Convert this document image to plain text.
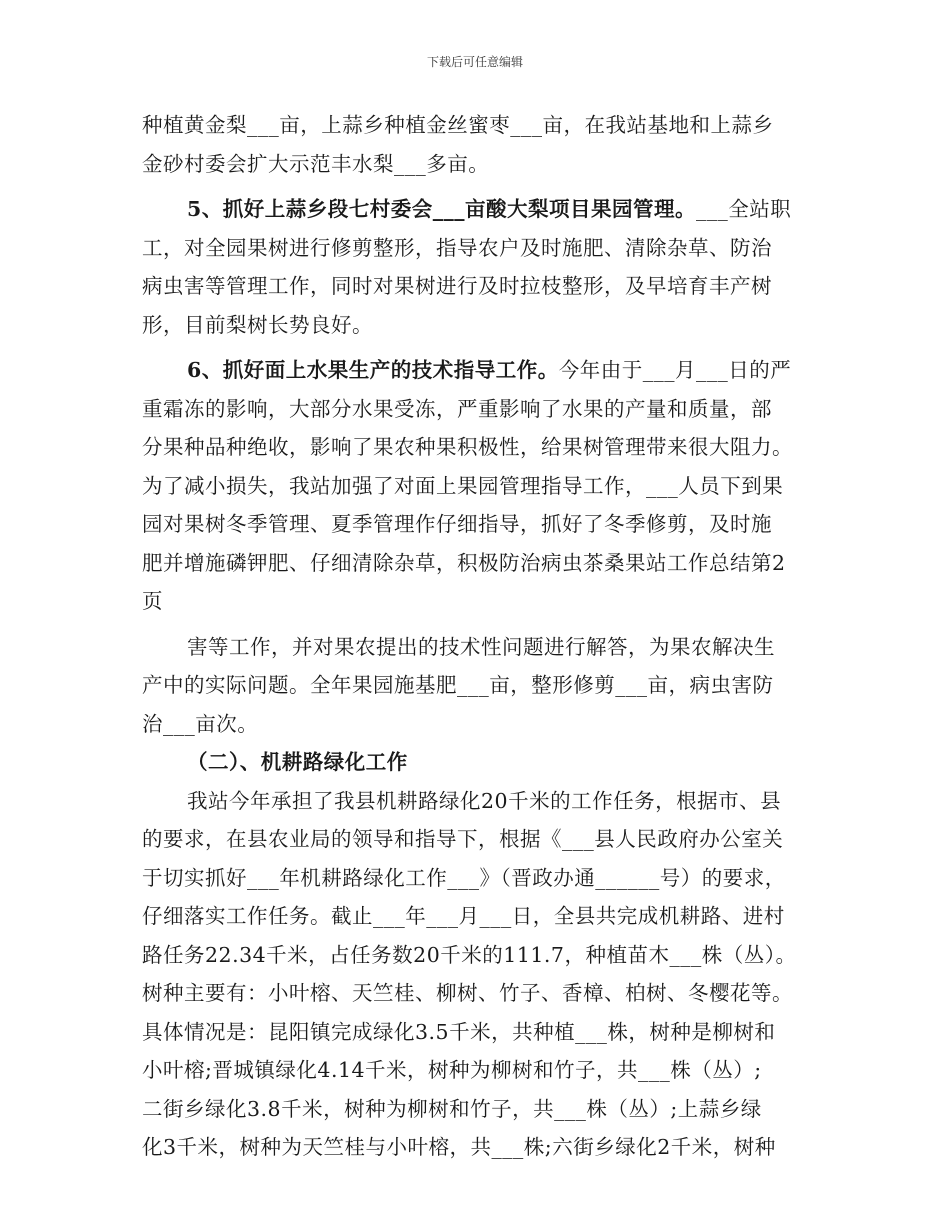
下载后可任意编辑
种植黄金梨___亩，上蒜乡种植金丝蜜枣___亩，在我站基地和上蒜乡
金砂村委会扩大示范丰水梨___多亩。
5、抓好上蒜乡段七村委会___亩酸大梨项目果园管理。___全站职
工，对全园果树进行修剪整形，指导农户及时施肥、清除杂草、防治
病虫害等管理工作，同时对果树进行及时拉枝整形，及早培育丰产树
形，目前梨树长势良好。
6、抓好面上水果生产的技术指导工作。今年由于___月___日的严
重霜冻的影响，大部分水果受冻，严重影响了水果的产量和质量，部
分果种品种绝收，影响了果农种果积极性，给果树管理带来很大阻力。
为了减小损失，我站加强了对面上果园管理指导工作，___人员下到果
园对果树冬季管理、夏季管理作仔细指导，抓好了冬季修剪，及时施
肥并增施磷钾肥、仔细清除杂草，积极防治病虫茶桑果站工作总结第2
页
害等工作，并对果农提出的技术性问题进行解答，为果农解决生
产中的实际问题。全年果园施基肥___亩，整形修剪___亩，病虫害防
治___亩次。
（二）、机耕路绿化工作
我站今年承担了我县机耕路绿化20千米的工作任务，根据市、县
的要求，在县农业局的领导和指导下，根据《___县人民政府办公室关
于切实抓好___年机耕路绿化工作___》（晋政办通______号）的要求，
仔细落实工作任务。截止___年___月___日，全县共完成机耕路、进村
路任务22.34千米，占任务数20千米的111.7，种植苗木___株（丛）。
树种主要有：小叶榕、天竺桂、柳树、竹子、香樟、柏树、冬樱花等。
具体情况是：昆阳镇完成绿化3.5千米，共种植___株，树种是柳树和
小叶榕;晋城镇绿化4.14千米，树种为柳树和竹子，共___株（丛）;
二街乡绿化3.8千米，树种为柳树和竹子，共___株（丛）;上蒜乡绿
化3千米，树种为天竺桂与小叶榕，共___株;六街乡绿化2千米，树种
